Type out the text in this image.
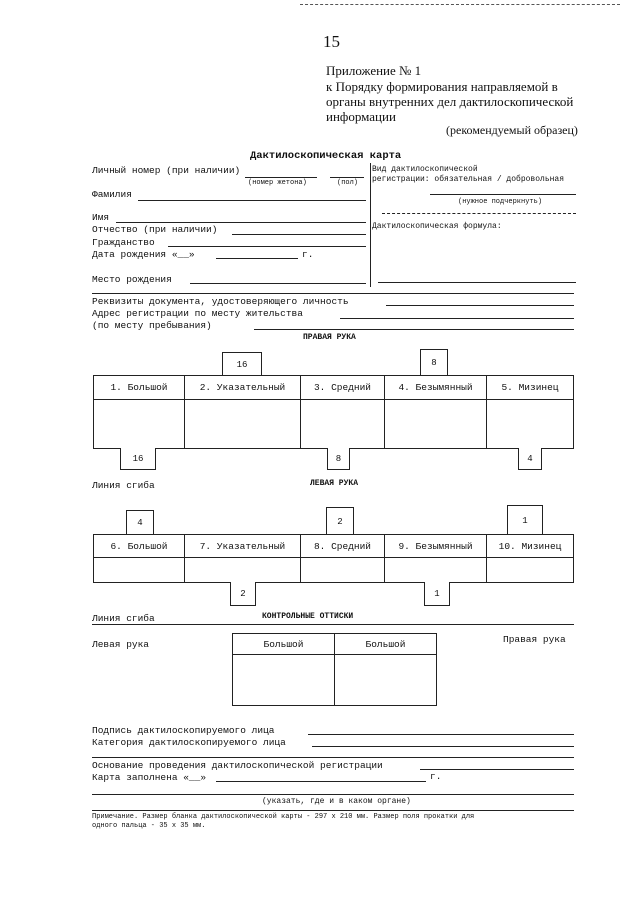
15
Приложение № 1
к Порядку формирования направляемой в
органы внутренних дел дактилоскопической
информации
(рекомендуемый образец)
Дактилоскопическая карта
Личный номер (при наличии)
(номер жетона)	(пол)
Фамилия
Имя
Отчество (при наличии)
Гражданство
Дата рождения «__»	г.
Место рождения
Вид дактилоскопической
регистрации: обязательная / добровольная
(нужное подчеркнуть)
Дактилоскопическая формула:
Реквизиты документа, удостоверяющего личность
Адрес регистрации по месту жительства
(по месту пребывания)
ПРАВАЯ РУКА
16	8
1. Большой	2. Указательный	3. Средний	4. Безымянный	5. Мизинец
16	8	4
Линия сгиба	ЛЕВАЯ РУКА
4	2	1
6. Большой	7. Указательный	8. Средний	9. Безымянный	10. Мизинец
2	1
Линия сгиба	КОНТРОЛЬНЫЕ ОТТИСКИ
Левая рука	Правая рука
Большой	Большой
Подпись дактилоскопируемого лица
Категория дактилоскопируемого лица
Основание проведения дактилоскопической регистрации
Карта заполнена «__»	г.
(указать, где и в каком органе)
Примечание. Размер бланка дактилоскопической карты - 297 х 210 мм. Размер поля прокатки для
одного пальца - 35 х 35 мм.
